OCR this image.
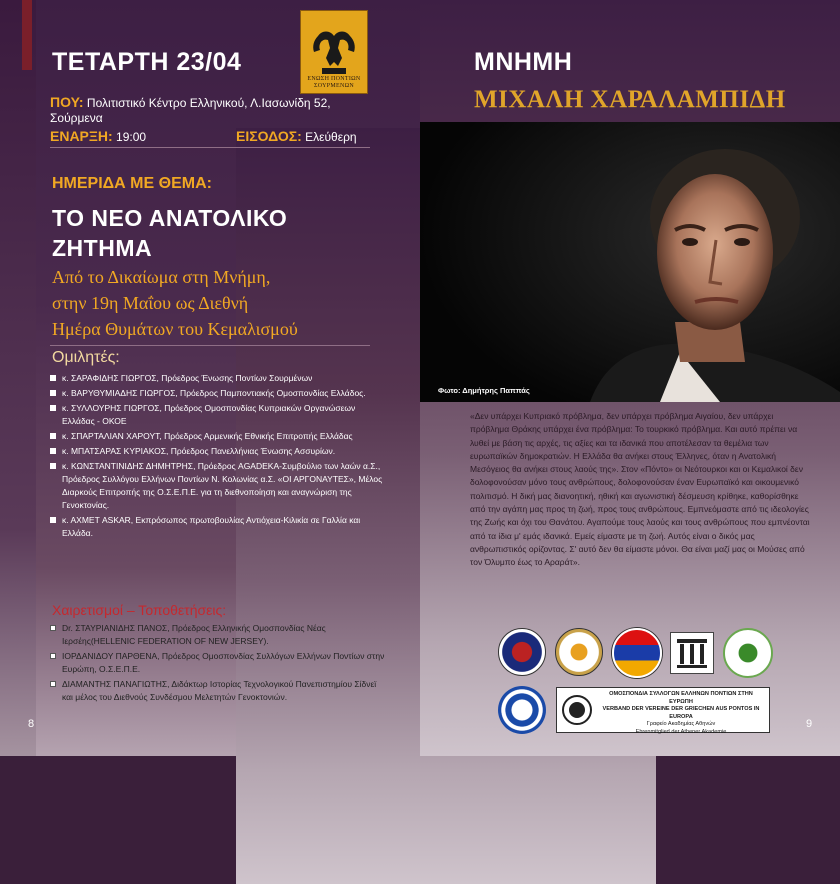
ΕΝΩΣΗ ΠΟΝΤΙΩΝ ΣΟΥΡΜΕΝΩΝ
ΤΕΤΑΡΤΗ 23/04
ΠΟΥ: Πολιτιστικό Κέντρο Ελληνικού, Λ.Ιασωνίδη 52, Σούρμενα
ΕΝΑΡΞΗ: 19:00	ΕΙΣΟΔΟΣ: Ελεύθερη
ΗΜΕΡΙΔΑ ΜΕ ΘΕΜΑ:
ΤΟ ΝΕΟ ΑΝΑΤΟΛΙΚΟ
ΖΗΤΗΜΑ
Από το Δικαίωμα στη Μνήμη,
στην 19η Μαΐου ως Διεθνή
Ημέρα Θυμάτων του Κεμαλισμού
Ομιλητές:
κ. ΣΑΡΑΦΙΔΗΣ ΓΙΩΡΓΟΣ, Πρόεδρος Ένωσης Ποντίων Σουρμένων
κ. ΒΑΡΥΘΥΜΙΑΔΗΣ ΓΙΩΡΓΟΣ, Πρόεδρος Παμποντιακής Ομοσπονδίας Ελλάδος.
κ. ΣΥΛΛΟΥΡΗΣ ΓΙΩΡΓΟΣ, Πρόεδρος Ομοσπονδίας Κυπριακών Οργανώσεων Ελλάδας - ΟΚΟΕ
κ. ΣΠΑΡΤΑΛΙΑΝ ΧΑΡΟΥΤ, Πρόεδρος Αρμενικής Εθνικής Επιτροπής Ελλάδας
κ. ΜΠΑΤΣΑΡΑΣ ΚΥΡΙΑΚΟΣ, Πρόεδρος Πανελλήνιας Ένωσης Ασσυρίων.
κ. ΚΩΝΣΤΑΝΤΙΝΙΔΗΣ ΔΗΜΗΤΡΗΣ, Πρόεδρος AGADEKA-Συμβούλιο των λαών α.Σ., Πρόεδρος Συλλόγου Ελλήνων Ποντίων Ν. Κολωνίας α.Σ. «ΟΙ ΑΡΓΟΝΑΥΤΕΣ», Μέλος Διαρκούς Επιτροπής της Ο.Σ.Ε.Π.Ε. για τη διεθνοποίηση και αναγνώριση της Γενοκτονίας.
κ. ΑΧΜΕΤ ASKAR, Εκπρόσωπος πρωτοβουλίας Αντιόχεια-Κιλικία σε Γαλλία και Ελλάδα.
Χαιρετισμοί – Τοποθετήσεις:
Dr. ΣΤΑΥΡΙΑΝΙΔΗΣ ΠΑΝΟΣ, Πρόεδρος Ελληνικής Ομοσπονδίας Νέας Ιερσέης(HELLENIC FEDERATION OF NEW JERSEY).
ΙΟΡΔΑΝΙΔΟΥ ΠΑΡΘΕΝΑ, Πρόεδρος Ομοσπονδίας Συλλόγων Ελλήνων Ποντίων στην Ευρώπη, Ο.Σ.Ε.Π.Ε.
ΔΙΑΜΑΝΤΗΣ ΠΑΝΑΓΙΩΤΗΣ, Διδάκτωρ Ιστορίας Τεχνολογικού Πανεπιστημίου Σίδνεϊ και μέλος του Διεθνούς Συνδέσμου Μελετητών Γενοκτονιών.
8
ΜΝΗΜΗ
ΜΙΧΑΛΗ ΧΑΡΑΛΑΜΠΙΔΗ
Φωτο: Δημήτρης Παππάς
«Δεν υπάρχει Κυπριακό πρόβλημα, δεν υπάρχει πρόβλημα Αιγαίου, δεν υπάρχει πρόβλημα Θράκης υπάρχει ένα πρόβλημα: Το τουρκικό πρόβλημα. Και αυτό πρέπει να λυθεί με βάση τις αρχές, τις αξίες και τα ιδανικά που αποτέλεσαν τα θεμέλια των ευρωπαϊκών δημοκρατιών. Η Ελλάδα θα ανήκει στους Έλληνες, όταν η Ανατολική Μεσόγειος θα ανήκει στους λαούς της». Στον «Πόντο» οι Νεότουρκοι και οι Κεμαλικοί δεν δολοφονούσαν μόνο τους ανθρώπους, δολοφονούσαν έναν Ευρωπαϊκό και οικουμενικό πολιτισμό. Η δική μας διανοητική, ηθική και αγωνιστική δέσμευση κρίθηκε, καθορίσθηκε από την αγάπη μας προς τη ζωή, προς τους ανθρώπους. Εμπνεόμαστε από τις ιδεολογίες της Ζωής και όχι του Θανάτου. Αγαπούμε τους λαούς και τους ανθρώπους που εμπνέονται από τα ίδια μ' εμάς ιδανικά. Εμείς είμαστε με τη ζωή. Αυτός είναι ο δικός μας ανθρωπιστικός ορίζοντας. Σ' αυτό δεν θα είμαστε μόνοι. Θα είναι μαζί μας οι Μούσες από τον Όλυμπο έως το Αραράτ».
ΟΜΟΣΠΟΝΔΙΑ ΣΥΛΛΟΓΩΝ ΕΛΛΗΝΩΝ ΠΟΝΤΙΩΝ ΣΤΗΝ ΕΥΡΩΠΗ
VERBAND DER VEREINE DER GRIECHEN AUS PONTOS IN EUROPA
Γραφείο Ακαδημίας Αθηνών
Ehrenmitglied der Athener Akademie
9
